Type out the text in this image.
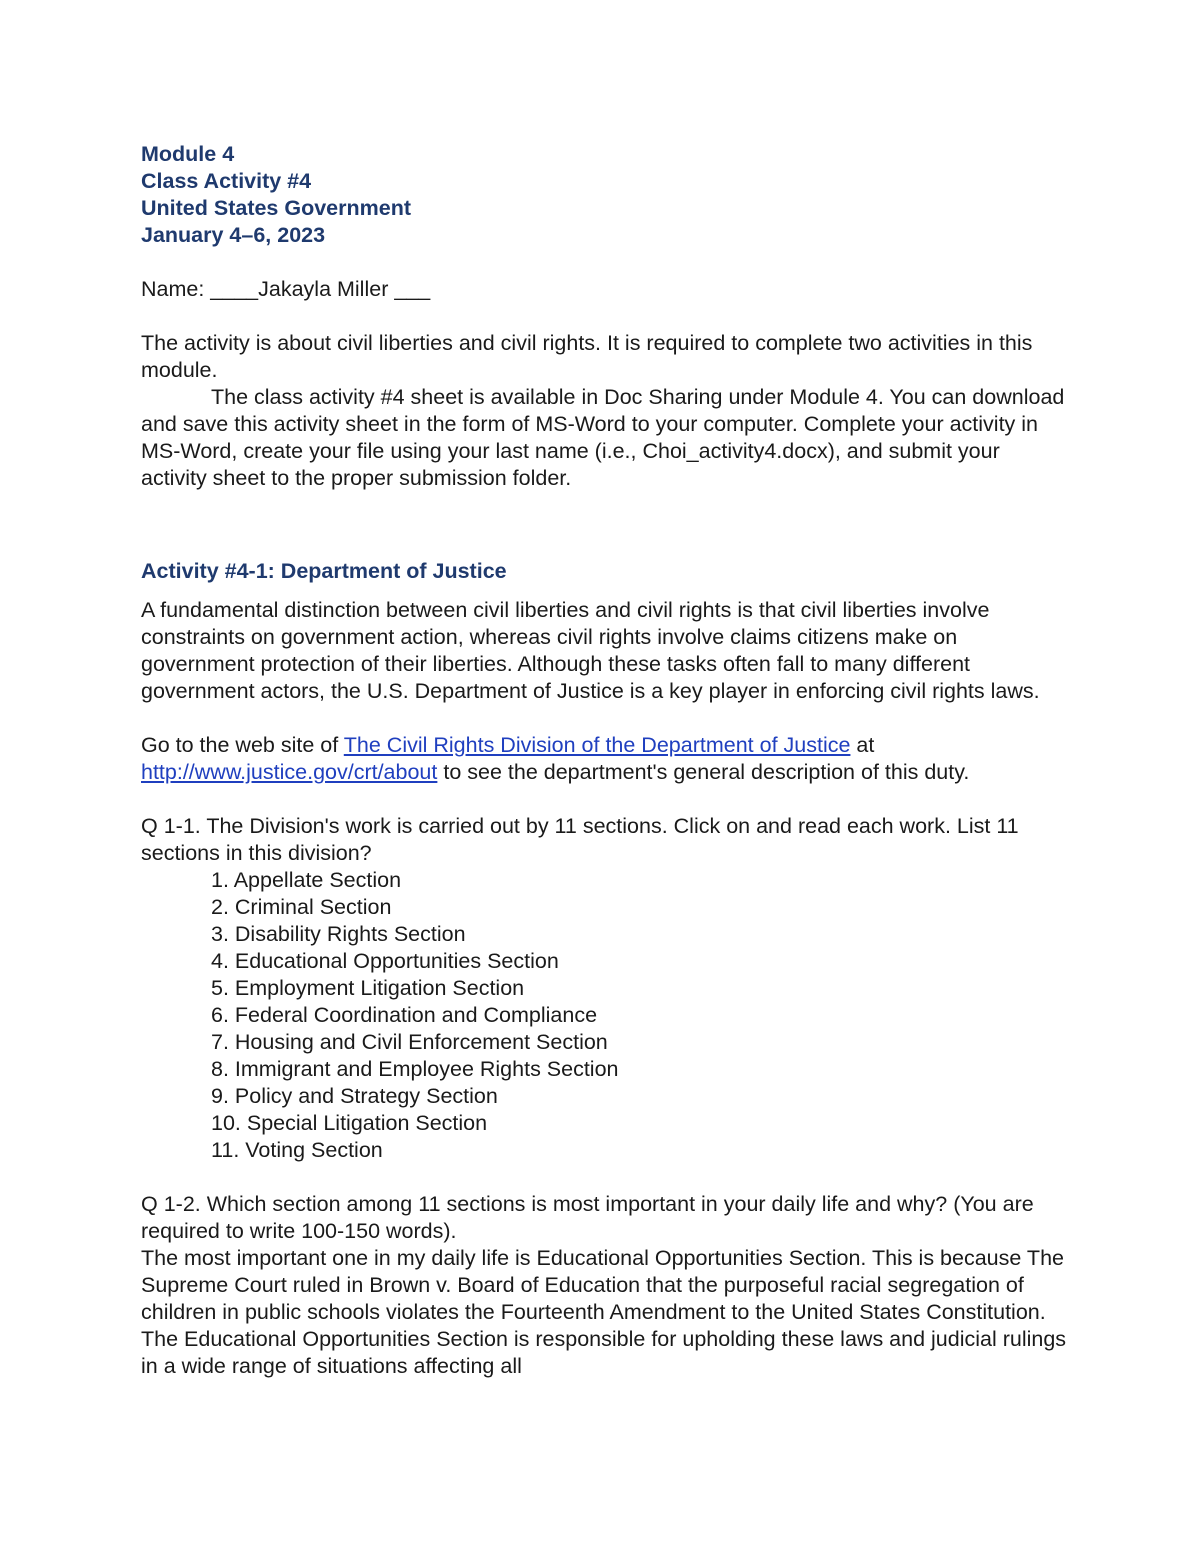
Module 4
Class Activity #4
United States Government
January 4–6, 2023

Name: ____Jakayla Miller ___

The activity is about civil liberties and civil rights. It is required to complete two activities in this module.

The class activity #4 sheet is available in Doc Sharing under Module 4. You can download and save this activity sheet in the form of MS-Word to your computer. Complete your activity in MS-Word, create your file using your last name (i.e., Choi_activity4.docx), and submit your activity sheet to the proper submission folder.

Activity #4-1: Department of Justice

A fundamental distinction between civil liberties and civil rights is that civil liberties involve constraints on government action, whereas civil rights involve claims citizens make on government protection of their liberties. Although these tasks often fall to many different government actors, the U.S. Department of Justice is a key player in enforcing civil rights laws.

Go to the web site of The Civil Rights Division of the Department of Justice at http://www.justice.gov/crt/about to see the department's general description of this duty.

Q 1-1. The Division's work is carried out by 11 sections. Click on and read each work. List 11 sections in this division?

1. Appellate Section
2. Criminal Section
3. Disability Rights Section
4. Educational Opportunities Section
5. Employment Litigation Section
6. Federal Coordination and Compliance
7. Housing and Civil Enforcement Section
8. Immigrant and Employee Rights Section
9. Policy and Strategy Section
10. Special Litigation Section
11. Voting Section

Q 1-2. Which section among 11 sections is most important in your daily life and why? (You are required to write 100-150 words).

The most important one in my daily life is Educational Opportunities Section. This is because The Supreme Court ruled in Brown v. Board of Education that the purposeful racial segregation of children in public schools violates the Fourteenth Amendment to the United States Constitution. The Educational Opportunities Section is responsible for upholding these laws and judicial rulings in a wide range of situations affecting all
